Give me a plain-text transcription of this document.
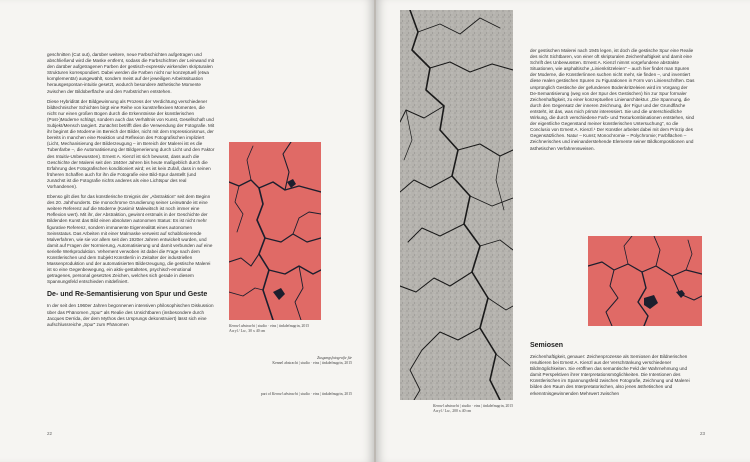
geschnitten (Cut out), darüber weitere, neue Farbschichten aufgetragen und abschließend wird die Maske entfernt, sodass die Farbschichten der Leinwand mit den darüber aufgetragenen Farben der gestisch-expressiv wirkenden skripturalen Strukturen korrespondiert. Dabei werden die Farben nicht nur konzeptuell (etwa komplementär) ausgewählt, sondern meist auf der jeweiligen Arbeitssituation herausgespontan-intuitiv gesetzt, wodurch besondere ästhetische Momente zwischen der Bildoberfläche und den Farbstrichen entstehen.

Diese Hybridität der Bildgewinnung als Prozess der Verdichtung verschiedener bildtechnischer Schichten birgt eine Reihe von kunstreflexiven Momenten, die nicht nur einen großen Bogen durch die Erkenntnisse der künstlerischen (Post-)Moderne schlägt, sondern auch das Verhältnis von Kunst, Gesellschaft und Subjekt/Mensch tangiert. Zunächst betrifft dies die Verwendung der Fotografie. Mit ihr beginnt die Moderne im Bereich der Bilder, nicht mit dem Impressionismus, der bereits in manchen eine Reaktion und Reflexion des Fotografischen impliziert (Licht, Mechanisierung der Bilderzeugung – im Bereich der Malerei ist es die Tubenfarbe –, die Automatisierung der Bildgenerierung durch Licht und den Faktor des Intuitiv-Unbewussten). Ernest A. Kienzl ist sich bewusst, dass auch die Geschichte der Malerei seit den 1840er Jahren bis heute maßgeblich durch die Erfahrung des Fotografischen konditioniert wird; es ist kein Zufall, dass in seinen früheren Schaffen auch für ihn die Fotografie eine Bild-Spur darstellt (und zunächst ist die Fotografie nichts anderes als eine Lichtspur des real Vorhandenen).

Ebenso gilt dies für das künstlerische Ereignis der „Abstraktion“ seit dem Beginn des 20. Jahrhunderts. Die monochrome Grundierung seiner Leinwände ist eine weitere Referenz auf die Moderne (Kasimir Malewitsch ist noch immer eine Reflexion wert). Mit ihr, der Abstraktion, gewinnt erstmals in der Geschichte der Bildenden Kunst das Bild einen absoluten autonomen Status: Es ist nicht mehr figurative Referenz, sondern immanente Eigenrealität eines autonomen Seinsstatus. Das Arbeiten mit einer Malmaske verweist auf schablonierende Malverfahren, wie sie vor allem seit den 1920er Jahren entwickelt wurden, und damit auf Fragen der Normierung, Automatisierung und damit verbunden auf eine serielle Werkproduktion. Vehement verwoben ist dabei die Frage nach dem Künstlerischen und dem Subjekt Künstler/in in Zeitalter der industriellen Massenproduktion und der automatisierten Bilderzeugung, die gestische Malerei ist so eine Gegenbewegung, ein aktiv-gestaltetes, psychisch-emotional getragenes, personal gesetztes Zeichen, welches sich gerade in diesem Spannungsfeld entschieden mitdefiniert.

De- und Re-Semantisierung von Spur und Geste

In der seit den 1960er Jahren begonnenen intensiven philosophischen Diskussion über das Phänomen „Spur“ als Realie des Unsichtbaren (insbesondere durch Jacques Derrida, der dem Mythos des Ursprungs dekonstruiert) lässt sich eine aufschlussreiche „Spur“ zum Phänomen	Kennel abstracht | studio · eins | tinkdefnugrin, 2015
Acryl / Lw., 30 x 40 cm
Zusgangsfotografie für
Kennel abstracht | studio · eins | tinkdefnugrin, 2015
part of Kennel abstracht | studio · eins | tinkdefnugrin, 2015
22	23
Kennel abstracht | studio · eins | tinkdefnugrin, 2015
Acryl / Lw., 200 x 40 cm

der gestischen Malerei nach 1945 legen, ist doch die gestische Spur eine Realie des nicht Sichtbaren, von einer oft skripturalen Zeichenhaftigkeit und damit eine Schrift des Unbewussten. Ernest A. Kienzl nimmt vorgefundene abstrakte Situationen, wie asphaltische „Linienkritzeleien“ – auch hier findet man Spuren der Moderne, die Künstler/innen suchen nicht mehr, sie finden –, und inventiert diese realen gestischen Spuren zu Figurationen in Form von Linienschriften. Das ursprünglich Gestische der gefundenen Bodenkritzeleien wird im Vorgang der De-Semantisierung (weg von der Spur des Gestischen) hin zur Spur formaler Zeichenhaftigkeit, zu einer konzeptuellen Linienarchitektur. „Die Spannung, die durch den Gegensatz der inneren Zeichnung, der Figur und der Grundfläche entsteht, ist das, was mich primär interessiert. Sie und die unterschiedliche Wirkung, die durch verschiedene Farb- und Texturkombinationen entstehen, sind der eigentliche Gegenstand meiner künstlerischen Untersuchung“, so die Conclusio von Ernest A. Kienzl.¹ Der Künstler arbeitet dabei mit dem Prinzip des Gegensätzlichen. Natur – Kunst; Monochromie – Polychromie; Farbflächen – Zeichnerisches und ineinanderstehende Elemente seiner Bildkompositionen und ästhetischen Verfahrensweisen.

Semiosen

Zeichenhaftigkeit, genauer: Zeichenprozesse als Semiosen der Bildnerischen resultieren bei Ernest A. Kienzl aus der Verschränkung verschiedener Bildmöglichkeiten. Sie eröffnen das semantische Feld der Wahrnehmung und damit Perspektiven ihrer Interpretationsmöglichkeiten. Die Intentionen des Künstlerischen im Spannungsfeld zwischen Fotografie, Zeichnung und Malerei bilden den Raum des Interpretatorischen, also jenes ästhetischen und erkenntnisgewinnenden Mehrwert zwischen
